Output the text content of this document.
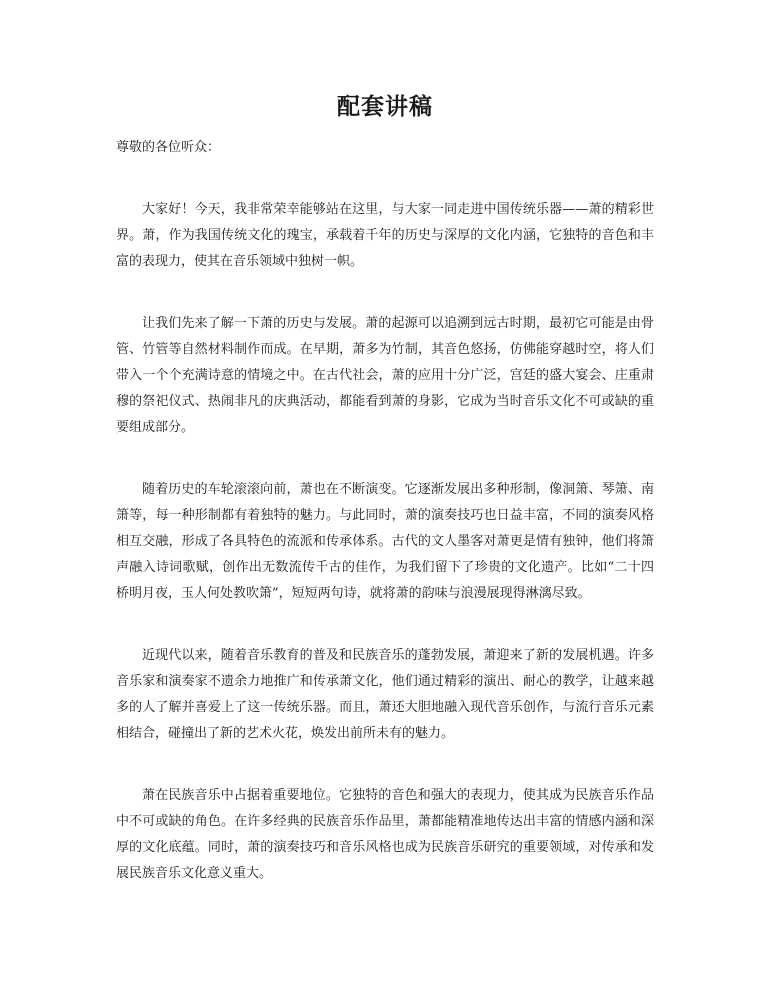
配套讲稿

尊敬的各位听众：

大家好！今天，我非常荣幸能够站在这里，与大家一同走进中国传统乐器——萧的精彩世界。萧，作为我国传统文化的瑰宝，承载着千年的历史与深厚的文化内涵，它独特的音色和丰富的表现力，使其在音乐领域中独树一帜。

让我们先来了解一下萧的历史与发展。萧的起源可以追溯到远古时期，最初它可能是由骨管、竹管等自然材料制作而成。在早期，萧多为竹制，其音色悠扬，仿佛能穿越时空，将人们带入一个个充满诗意的情境之中。在古代社会，萧的应用十分广泛，宫廷的盛大宴会、庄重肃穆的祭祀仪式、热闹非凡的庆典活动，都能看到萧的身影，它成为当时音乐文化不可或缺的重要组成部分。

随着历史的车轮滚滚向前，萧也在不断演变。它逐渐发展出多种形制，像洞箫、琴箫、南箫等，每一种形制都有着独特的魅力。与此同时，萧的演奏技巧也日益丰富，不同的演奏风格相互交融，形成了各具特色的流派和传承体系。古代的文人墨客对萧更是情有独钟，他们将箫声融入诗词歌赋，创作出无数流传千古的佳作，为我们留下了珍贵的文化遗产。比如“二十四桥明月夜，玉人何处教吹箫”，短短两句诗，就将萧的韵味与浪漫展现得淋漓尽致。

近现代以来，随着音乐教育的普及和民族音乐的蓬勃发展，萧迎来了新的发展机遇。许多音乐家和演奏家不遗余力地推广和传承萧文化，他们通过精彩的演出、耐心的教学，让越来越多的人了解并喜爱上了这一传统乐器。而且，萧还大胆地融入现代音乐创作，与流行音乐元素相结合，碰撞出了新的艺术火花，焕发出前所未有的魅力。

萧在民族音乐中占据着重要地位。它独特的音色和强大的表现力，使其成为民族音乐作品中不可或缺的角色。在许多经典的民族音乐作品里，萧都能精准地传达出丰富的情感内涵和深厚的文化底蕴。同时，萧的演奏技巧和音乐风格也成为民族音乐研究的重要领域，对传承和发展民族音乐文化意义重大。
